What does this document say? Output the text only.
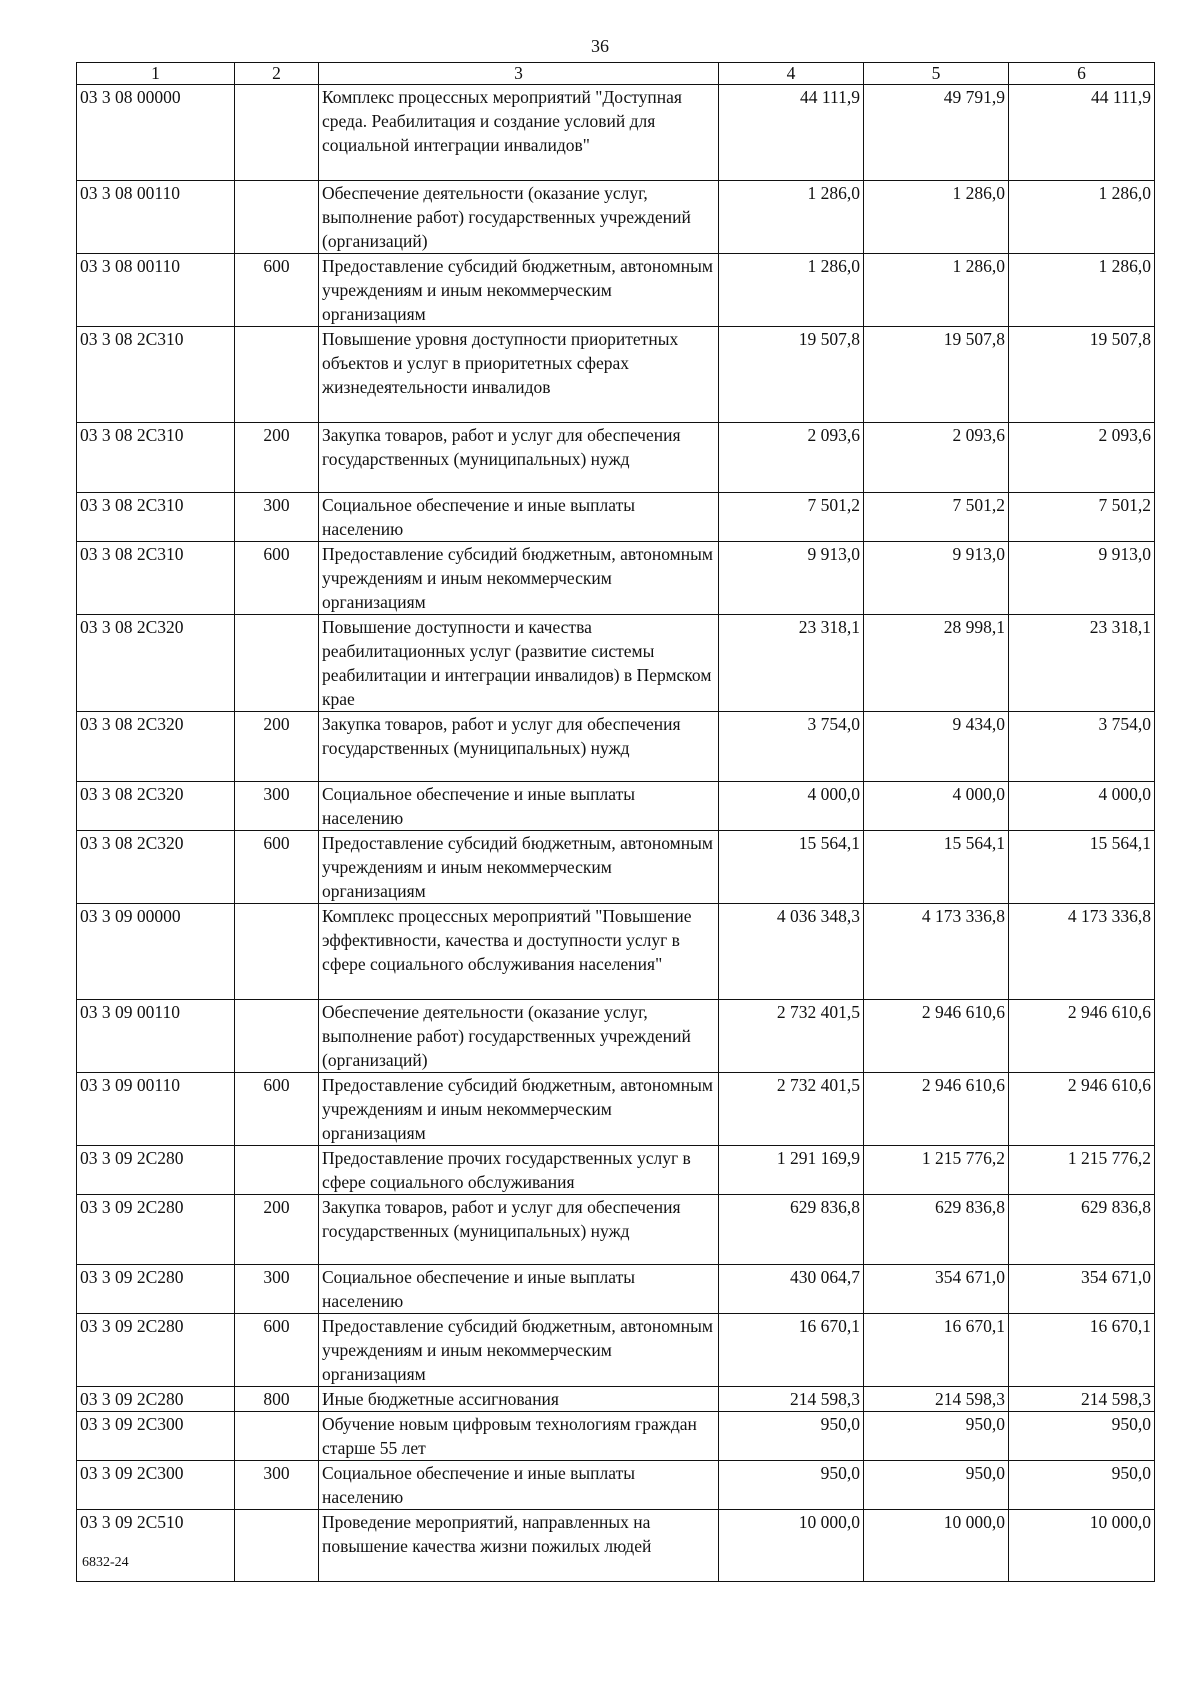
36
1	2	3	4	5	6
03 3 08 00000		Комплекс процессных мероприятий "Доступная среда. Реабилитация и создание условий для социальной интеграции инвалидов"	44 111,9	49 791,9	44 111,9
03 3 08 00110		Обеспечение деятельности (оказание услуг, выполнение работ) государственных учреждений (организаций)	1 286,0	1 286,0	1 286,0
03 3 08 00110	600	Предоставление субсидий бюджетным, автономным учреждениям и иным некоммерческим организациям	1 286,0	1 286,0	1 286,0
03 3 08 2С310		Повышение уровня доступности приоритетных объектов и услуг в приоритетных сферах жизнедеятельности инвалидов	19 507,8	19 507,8	19 507,8
03 3 08 2С310	200	Закупка товаров, работ и услуг для обеспечения государственных (муниципальных) нужд	2 093,6	2 093,6	2 093,6
03 3 08 2С310	300	Социальное обеспечение и иные выплаты населению	7 501,2	7 501,2	7 501,2
03 3 08 2С310	600	Предоставление субсидий бюджетным, автономным учреждениям и иным некоммерческим организациям	9 913,0	9 913,0	9 913,0
03 3 08 2С320		Повышение доступности и качества реабилитационных услуг (развитие системы реабилитации и интеграции инвалидов) в Пермском крае	23 318,1	28 998,1	23 318,1
03 3 08 2С320	200	Закупка товаров, работ и услуг для обеспечения государственных (муниципальных) нужд	3 754,0	9 434,0	3 754,0
03 3 08 2С320	300	Социальное обеспечение и иные выплаты населению	4 000,0	4 000,0	4 000,0
03 3 08 2С320	600	Предоставление субсидий бюджетным, автономным учреждениям и иным некоммерческим организациям	15 564,1	15 564,1	15 564,1
03 3 09 00000		Комплекс процессных мероприятий "Повышение эффективности, качества и доступности услуг в сфере социального обслуживания населения"	4 036 348,3	4 173 336,8	4 173 336,8
03 3 09 00110		Обеспечение деятельности (оказание услуг, выполнение работ) государственных учреждений (организаций)	2 732 401,5	2 946 610,6	2 946 610,6
03 3 09 00110	600	Предоставление субсидий бюджетным, автономным учреждениям и иным некоммерческим организациям	2 732 401,5	2 946 610,6	2 946 610,6
03 3 09 2С280		Предоставление прочих государственных услуг в сфере социального обслуживания	1 291 169,9	1 215 776,2	1 215 776,2
03 3 09 2С280	200	Закупка товаров, работ и услуг для обеспечения государственных (муниципальных) нужд	629 836,8	629 836,8	629 836,8
03 3 09 2С280	300	Социальное обеспечение и иные выплаты населению	430 064,7	354 671,0	354 671,0
03 3 09 2С280	600	Предоставление субсидий бюджетным, автономным учреждениям и иным некоммерческим организациям	16 670,1	16 670,1	16 670,1
03 3 09 2С280	800	Иные бюджетные ассигнования	214 598,3	214 598,3	214 598,3
03 3 09 2С300		Обучение новым цифровым технологиям граждан старше 55 лет	950,0	950,0	950,0
03 3 09 2С300	300	Социальное обеспечение и иные выплаты населению	950,0	950,0	950,0
03 3 09 2С510		Проведение мероприятий, направленных на повышение качества жизни пожилых людей	10 000,0	10 000,0	10 000,0
6832-24
